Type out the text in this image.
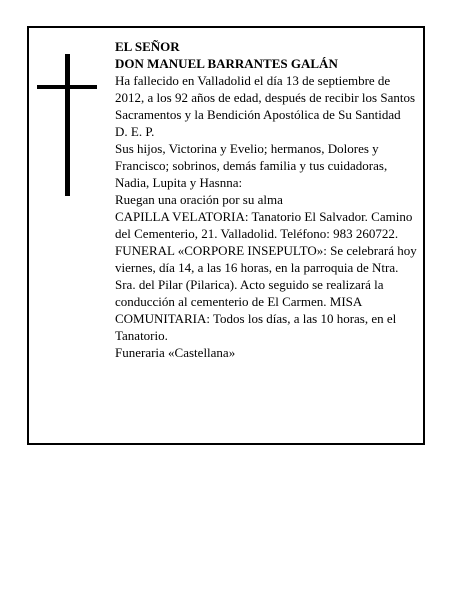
EL SEÑOR

DON MANUEL BARRANTES GALÁN

Ha fallecido en Valladolid el día 13 de septiembre de 2012, a los 92 años de edad, después de recibir los Santos Sacramentos y la Bendición Apostólica de Su Santidad

D. E. P.

Sus hijos, Victorina y Evelio; hermanos, Dolores y Francisco; sobrinos, demás familia y tus cuidadoras, Nadia, Lupita y Hasnna:

Ruegan una oración por su alma

CAPILLA VELATORIA: Tanatorio El Salvador. Camino del Cementerio, 21. Valladolid. Teléfono: 983 260722.

FUNERAL «CORPORE INSEPULTO»: Se celebrará hoy viernes, día 14, a las 16 horas, en la parroquia de Ntra. Sra. del Pilar (Pilarica). Acto seguido se realizará la conducción al cementerio de El Carmen. MISA COMUNITARIA: Todos los días, a las 10 horas, en el Tanatorio.

Funeraria «Castellana»
